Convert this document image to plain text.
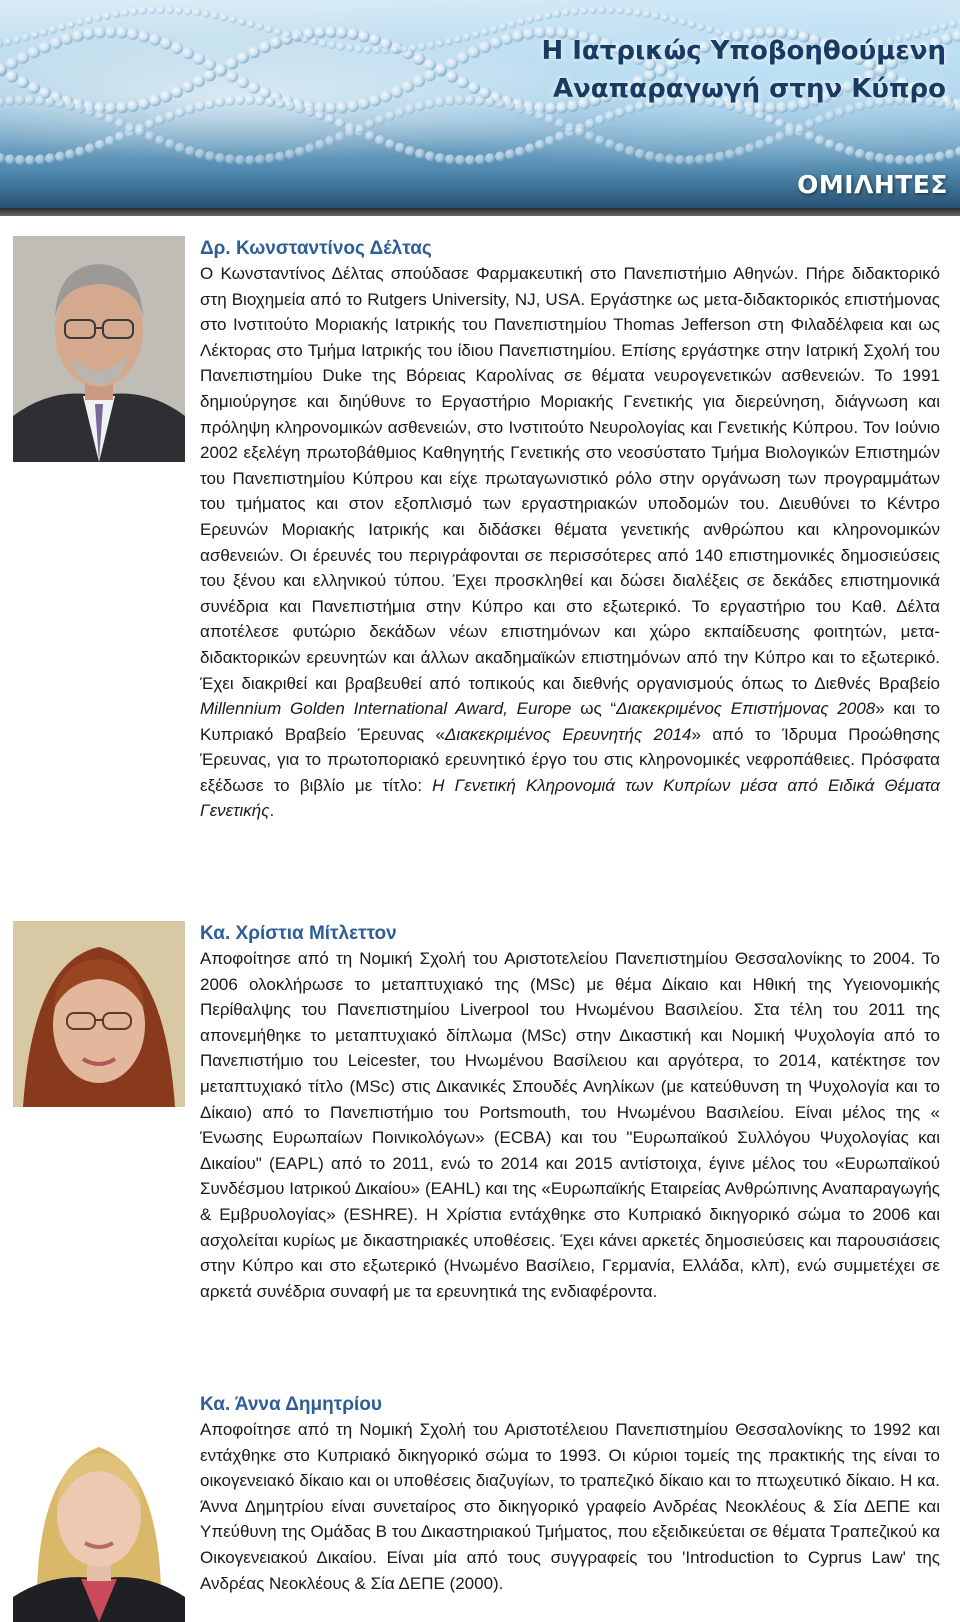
Η Ιατρικώς Υποβοηθούμενη
Αναπαραγωγή στην Κύπρο
ΟΜΙΛΗΤΕΣ

Δρ. Κωνσταντίνος Δέλτας

Ο Κωνσταντίνος Δέλτας σπούδασε Φαρμακευτική στο Πανεπιστήμιο Αθηνών. Πήρε διδακτορικό στη Βιοχημεία από το Rutgers University, NJ, USA. Εργάστηκε ως μετα-διδακτορικός επιστήμονας στο Ινστιτούτο Μοριακής Ιατρικής του Πανεπιστημίου Thomas Jefferson στη Φιλαδέλφεια και ως Λέκτορας στο Τμήμα Ιατρικής του ίδιου Πανεπιστημίου. Επίσης εργάστηκε στην Ιατρική Σχολή του Πανεπιστημίου Duke της Βόρειας Καρολίνας σε θέματα νευρογενετικών ασθενειών. Το 1991 δημιούργησε και διηύθυνε το Εργαστήριο Μοριακής Γενετικής για διερεύνηση, διάγνωση και πρόληψη κληρονομικών ασθενειών, στο Ινστιτούτο Νευρολογίας και Γενετικής Κύπρου. Τον Ιούνιο 2002 εξελέγη πρωτοβάθμιος Καθηγητής Γενετικής στο νεοσύστατο Τμήμα Βιολογικών Επιστημών του Πανεπιστημίου Κύπρου και είχε πρωταγωνιστικό ρόλο στην οργάνωση των προγραμμάτων του τμήματος και στον εξοπλισμό των εργαστηριακών υποδομών του. Διευθύνει το Κέντρο Ερευνών Μοριακής Ιατρικής και διδάσκει θέματα γενετικής ανθρώπου και κληρονομικών ασθενειών. Οι έρευνές του περιγράφονται σε περισσότερες από 140 επιστημονικές δημοσιεύσεις του ξένου και ελληνικού τύπου. Έχει προσκληθεί και δώσει διαλέξεις σε δεκάδες επιστημονικά συνέδρια και Πανεπιστήμια στην Κύπρο και στο εξωτερικό. Το εργαστήριο του Καθ. Δέλτα αποτέλεσε φυτώριο δεκάδων νέων επιστημόνων και χώρο εκπαίδευσης φοιτητών, μετα-διδακτορικών ερευνητών και άλλων ακαδημαϊκών επιστημόνων από την Κύπρο και το εξωτερικό. Έχει διακριθεί και βραβευθεί από τοπικούς και διεθνής οργανισμούς όπως το Διεθνές Βραβείο Millennium Golden International Award, Europe ως “Διακεκριμένος Επιστήμονας 2008» και το Κυπριακό Βραβείο Έρευνας «Διακεκριμένος Ερευνητής 2014» από το Ίδρυμα Προώθησης Έρευνας, για το πρωτοποριακό ερευνητικό έργο του στις κληρονομικές νεφροπάθειες. Πρόσφατα εξέδωσε το βιβλίο με τίτλο: Η Γενετική Κληρονομιά των Κυπρίων μέσα από Ειδικά Θέματα Γενετικής.

Κα. Χρίστια Μίτλεττον

Αποφοίτησε από τη Νομική Σχολή του Αριστοτελείου Πανεπιστημίου Θεσσαλονίκης το 2004. Το 2006 ολοκλήρωσε το μεταπτυχιακό της (MSc) με θέμα Δίκαιο και Ηθική της Υγειονομικής Περίθαλψης του Πανεπιστημίου Liverpool του Ηνωμένου Βασιλείου. Στα τέλη του 2011 της απονεμήθηκε το μεταπτυχιακό δίπλωμα (MSc) στην Δικαστική και Νομική Ψυχολογία από το Πανεπιστήμιο του Leicester, του Ηνωμένου Βασίλειου και αργότερα, το 2014, κατέκτησε τον μεταπτυχιακό τίτλο (MSc) στις Δικανικές Σπουδές Ανηλίκων (με κατεύθυνση τη Ψυχολογία και το Δίκαιο) από το Πανεπιστήμιο του Portsmouth, του Ηνωμένου Βασιλείου. Είναι μέλος της « Ένωσης Ευρωπαίων Ποινικολόγων» (ECBA) και του "Ευρωπαϊκού Συλλόγου Ψυχολογίας και Δικαίου" (EAPL) από το 2011, ενώ το 2014 και 2015 αντίστοιχα, έγινε μέλος του «Ευρωπαϊκού Συνδέσμου Ιατρικού Δικαίου» (EAHL) και της «Ευρωπαϊκής Εταιρείας Ανθρώπινης Αναπαραγωγής & Εμβρυολογίας» (ESHRE). Η Χρίστια εντάχθηκε στο Κυπριακό δικηγορικό σώμα το 2006 και ασχολείται κυρίως με δικαστηριακές υποθέσεις. Έχει κάνει αρκετές δημοσιεύσεις και παρουσιάσεις στην Κύπρο και στο εξωτερικό (Ηνωμένο Βασίλειο, Γερμανία, Ελλάδα, κλπ), ενώ συμμετέχει σε αρκετά συνέδρια συναφή με τα ερευνητικά της ενδιαφέροντα.

Κα. Άννα Δημητρίου

Αποφοίτησε από τη Νομική Σχολή του Αριστοτέλειου Πανεπιστημίου Θεσσαλονίκης το 1992 και εντάχθηκε στο Κυπριακό δικηγορικό σώμα το 1993. Οι κύριοι τομείς της πρακτικής της είναι το οικογενειακό δίκαιο και οι υποθέσεις διαζυγίων, το τραπεζικό δίκαιο και το πτωχευτικό δίκαιο. Η κα. Άννα Δημητρίου είναι συνεταίρος στο δικηγορικό γραφείο Ανδρέας Νεοκλέους & Σία ΔΕΠΕ και Υπεύθυνη της Ομάδας Β του Δικαστηριακού Τμήματος, που εξειδικεύεται σε θέματα Τραπεζικού κα Οικογενειακού Δικαίου. Είναι μία από τους συγγραφείς του 'Introduction to Cyprus Law' της Ανδρέας Νεοκλέους & Σία ΔΕΠΕ (2000).
